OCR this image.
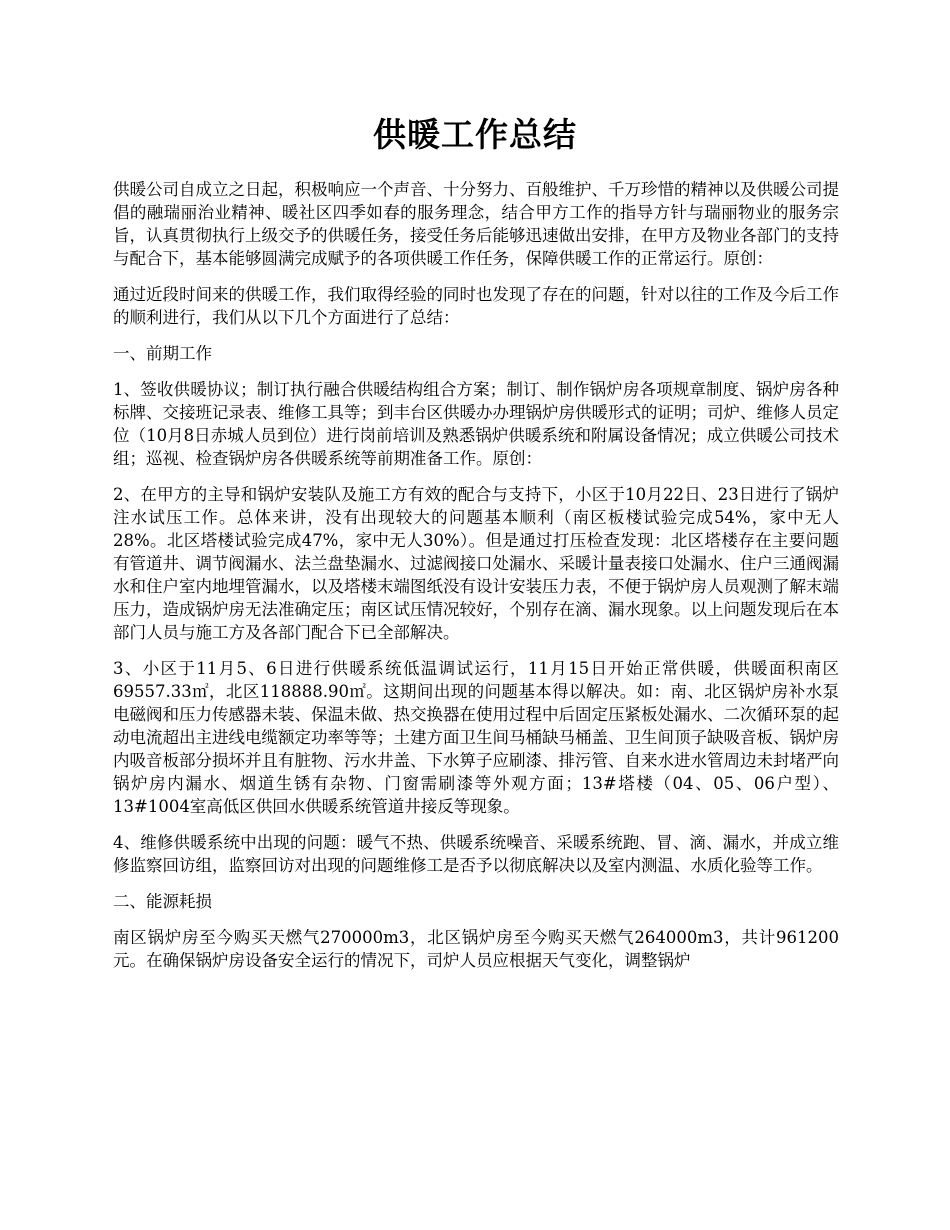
供暖工作总结

供暖公司自成立之日起，积极响应一个声音、十分努力、百般维护、千万珍惜的精神以及供暖公司提倡的融瑞丽治业精神、暖社区四季如春的服务理念，结合甲方工作的指导方针与瑞丽物业的服务宗旨，认真贯彻执行上级交予的供暖任务，接受任务后能够迅速做出安排，在甲方及物业各部门的支持与配合下，基本能够圆满完成赋予的各项供暖工作任务，保障供暖工作的正常运行。原创：

通过近段时间来的供暖工作，我们取得经验的同时也发现了存在的问题，针对以往的工作及今后工作的顺利进行，我们从以下几个方面进行了总结：

一、前期工作

1、签收供暖协议；制订执行融合供暖结构组合方案；制订、制作锅炉房各项规章制度、锅炉房各种标牌、交接班记录表、维修工具等；到丰台区供暖办办理锅炉房供暖形式的证明；司炉、维修人员定位（10月8日赤城人员到位）进行岗前培训及熟悉锅炉供暖系统和附属设备情况；成立供暖公司技术组；巡视、检查锅炉房各供暖系统等前期准备工作。原创：

2、在甲方的主导和锅炉安装队及施工方有效的配合与支持下，小区于10月22日、23日进行了锅炉注水试压工作。总体来讲，没有出现较大的问题基本顺利（南区板楼试验完成54%，家中无人28%。北区塔楼试验完成47%，家中无人30%）。但是通过打压检查发现：北区塔楼存在主要问题有管道井、调节阀漏水、法兰盘垫漏水、过滤阀接口处漏水、采暖计量表接口处漏水、住户三通阀漏水和住户室内地埋管漏水，以及塔楼末端图纸没有设计安装压力表，不便于锅炉房人员观测了解末端压力，造成锅炉房无法准确定压；南区试压情况较好，个别存在滴、漏水现象。以上问题发现后在本部门人员与施工方及各部门配合下已全部解决。

3、小区于11月5、6日进行供暖系统低温调试运行，11月15日开始正常供暖，供暖面积南区69557.33㎡，北区118888.90㎡。这期间出现的问题基本得以解决。如：南、北区锅炉房补水泵电磁阀和压力传感器未装、保温未做、热交换器在使用过程中后固定压紧板处漏水、二次循环泵的起动电流超出主进线电缆额定功率等等；土建方面卫生间马桶缺马桶盖、卫生间顶子缺吸音板、锅炉房内吸音板部分损坏并且有脏物、污水井盖、下水箅子应刷漆、排污管、自来水进水管周边未封堵严向锅炉房内漏水、烟道生锈有杂物、门窗需刷漆等外观方面；13#塔楼（04、05、06户型）、13#1004室高低区供回水供暖系统管道井接反等现象。

4、维修供暖系统中出现的问题：暖气不热、供暖系统噪音、采暖系统跑、冒、滴、漏水，并成立维修监察回访组，监察回访对出现的问题维修工是否予以彻底解决以及室内测温、水质化验等工作。

二、能源耗损

南区锅炉房至今购买天燃气270000m3，北区锅炉房至今购买天燃气264000m3，共计961200元。在确保锅炉房设备安全运行的情况下，司炉人员应根据天气变化，调整锅炉
